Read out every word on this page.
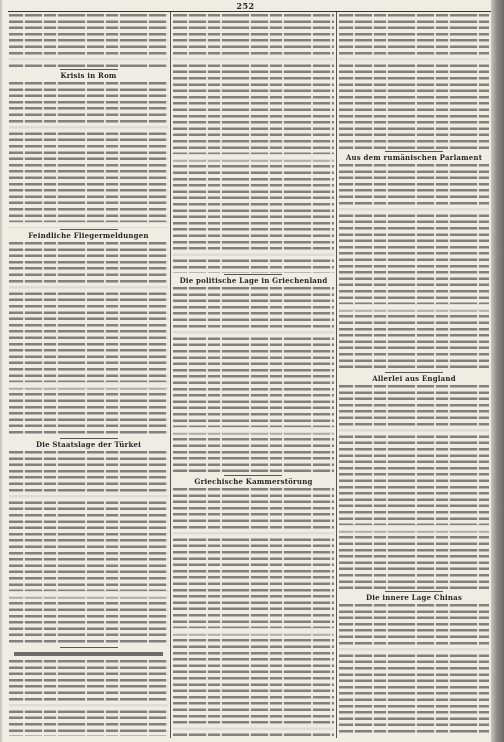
252
Krisis in Rom
Feindliche Fliegermeldungen
Die Staatslage der Türkei
Die politische Lage in Griechenland
Griechische Kammerstörung
Aus dem rumänischen Parlament
Allerlei aus England
Die innere Lage Chinas
